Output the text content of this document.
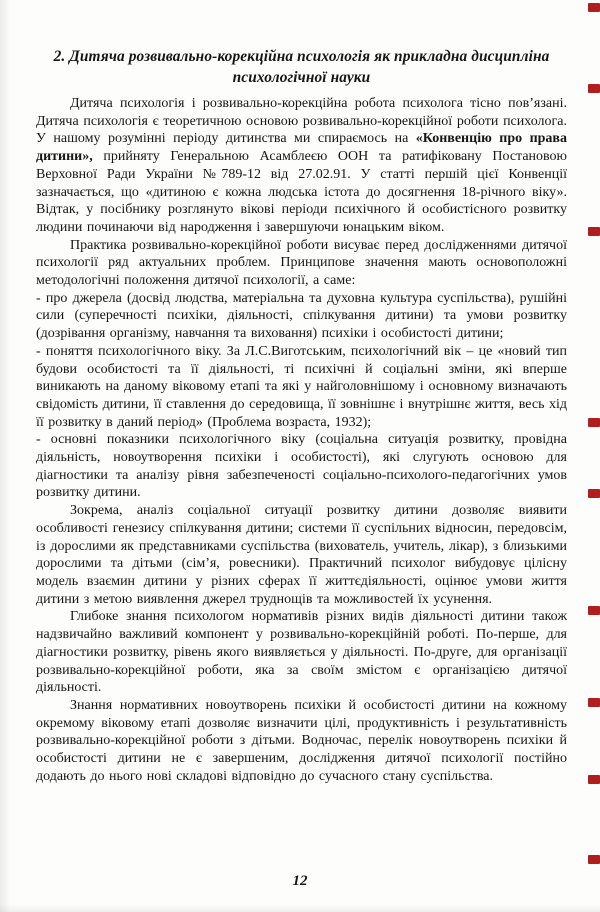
2. Дитяча розвивально-корекційна психологія як прикладна дисципліна психологічної науки

Дитяча психологія і розвивально-корекційна робота психолога тісно пов’язані. Дитяча психологія є теоретичною основою розвивально-корекційної роботи психолога. У нашому розумінні періоду дитинства ми спираємось на «Конвенцію про права дитини», прийняту Генеральною Асамблеєю ООН та ратифіковану Постановою Верховної Ради України №789-12 від 27.02.91. У статті першій цієї Конвенції зазначається, що «дитиною є кожна людська істота до досягнення 18-річного віку». Відтак, у посібнику розглянуто вікові періоди психічного й особистісного розвитку людини починаючи від народження і завершуючи юнацьким віком.

Практика розвивально-корекційної роботи висуває перед дослідженнями дитячої психології ряд актуальних проблем. Принципове значення мають основоположні методологічні положення дитячої психології, а саме:

- про джерела (досвід людства, матеріальна та духовна культура суспільства), рушійні сили (суперечності психіки, діяльності, спілкування дитини) та умови розвитку (дозрівання організму, навчання та виховання) психіки і особистості дитини;

- поняття психологічного віку. За Л.С.Виготським, психологічний вік – це «новий тип будови особистості та її діяльності, ті психічні й соціальні зміни, які вперше виникають на даному віковому етапі та які у найголовнішому і основному визначають свідомість дитини, її ставлення до середовища, її зовнішнє і внутрішнє життя, весь хід її розвитку в даний період» (Проблема возраста, 1932);

- основні показники психологічного віку (соціальна ситуація розвитку, провідна діяльність, новоутворення психіки і особистості), які слугують основою для діагностики та аналізу рівня забезпеченості соціально-психолого-педагогічних умов розвитку дитини.

Зокрема, аналіз соціальної ситуації розвитку дитини дозволяє виявити особливості генезису спілкування дитини; системи її суспільних відносин, передовсім, із дорослими як представниками суспільства (вихователь, учитель, лікар), з близькими дорослими та дітьми (сім’я, ровесники). Практичний психолог вибудовує цілісну модель взаємин дитини у різних сферах її життєдіяльності, оцінює умови життя дитини з метою виявлення джерел труднощів та можливостей їх усунення.

Глибоке знання психологом нормативів різних видів діяльності дитини також надзвичайно важливий компонент у розвивально-корекційній роботі. По-перше, для діагностики розвитку, рівень якого виявляється у діяльності. По-друге, для організації розвивально-корекційної роботи, яка за своїм змістом є організацією дитячої діяльності.

Знання нормативних новоутворень психіки й особистості дитини на кожному окремому віковому етапі дозволяє визначити цілі, продуктивність і результативність розвивально-корекційної роботи з дітьми. Водночас, перелік новоутворень психіки й особистості дитини не є завершеним, дослідження дитячої психології постійно додають до нього нові складові відповідно до сучасного стану суспільства.

12
